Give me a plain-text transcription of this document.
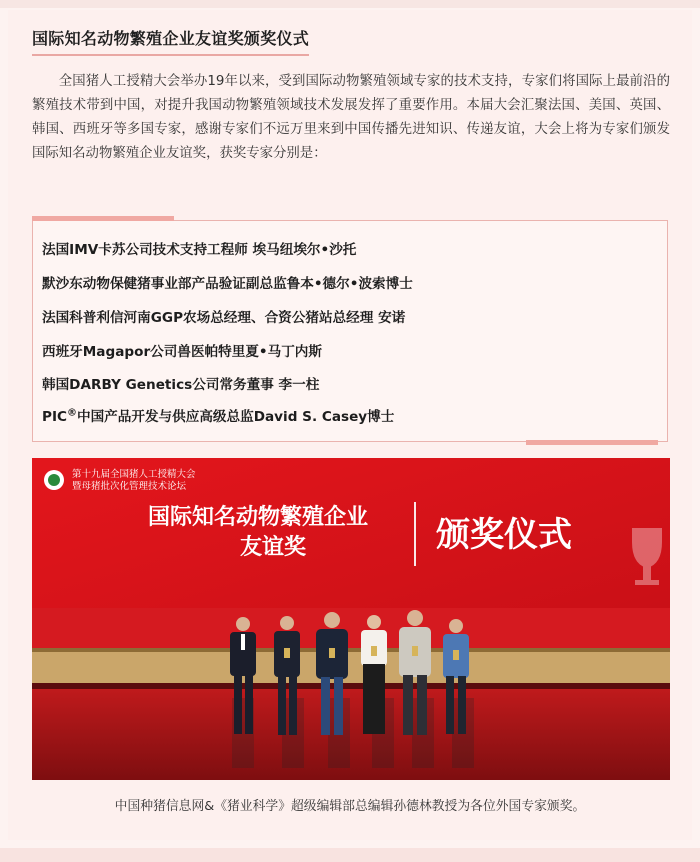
国际知名动物繁殖企业友谊奖颁奖仪式
全国猪人工授精大会举办19年以来，受到国际动物繁殖领域专家的技术支持，专家们将国际上最前沿的繁殖技术带到中国，对提升我国动物繁殖领域技术发展发挥了重要作用。本届大会汇聚法国、美国、英国、韩国、西班牙等多国专家，感谢专家们不远万里来到中国传播先进知识、传递友谊，大会上将为专家们颁发国际知名动物繁殖企业友谊奖，获奖专家分别是：
法国IMV卡苏公司技术支持工程师 埃马纽埃尔•沙托
默沙东动物保健猪事业部产品验证副总监鲁本•德尔•波索博士
法国科普利信河南GGP农场总经理、合资公猪站总经理 安诺
西班牙Magapor公司兽医帕特里夏•马丁内斯
韩国DARBY Genetics公司常务董事 李一柱
PIC®中国产品开发与供应高级总监David S. Casey博士
第十九届全国猪人工授精大会
暨母猪批次化管理技术论坛
国际知名动物繁殖企业
友谊奖	颁奖仪式
中国种猪信息网&《猪业科学》超级编辑部总编辑孙德林教授为各位外国专家颁奖。
